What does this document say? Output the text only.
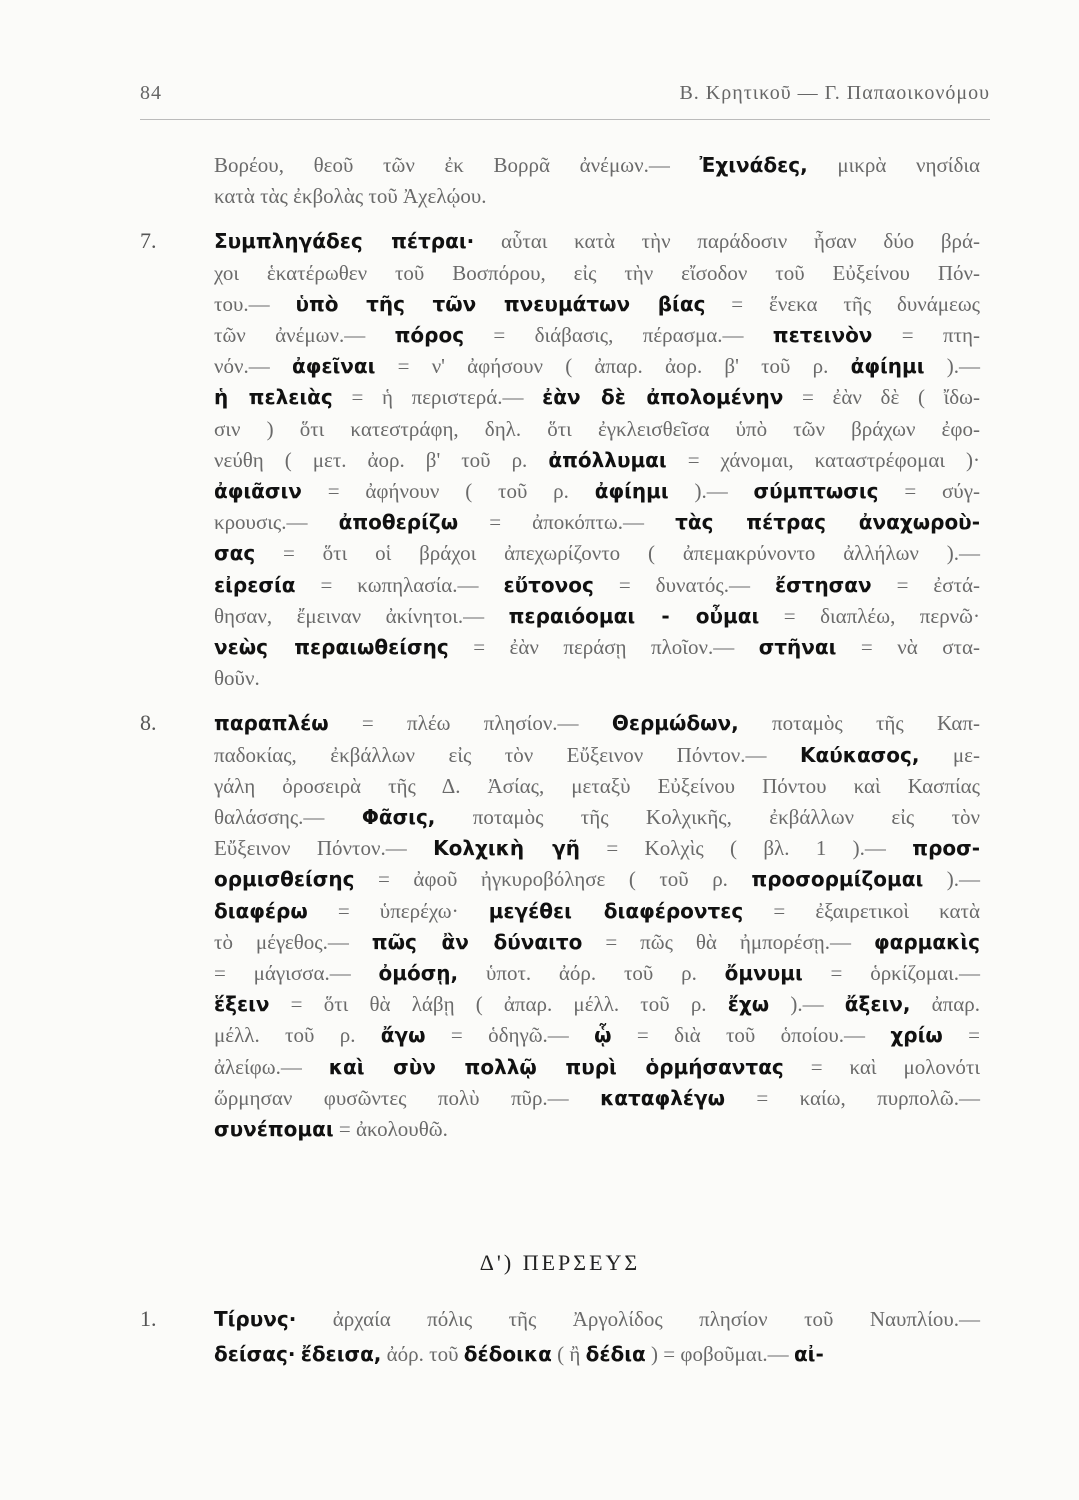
84	Β. Κρητικοῦ — Γ. Παπαοικονόμου
Βορέου, θεοῦ τῶν ἐκ Βορρᾶ ἀνέμων.— Ἐχινάδες, μικρὰ νησίδια
κατὰ τὰς ἐκβολὰς τοῦ Ἀχελῴου.
7.	Συμπληγάδες πέτραι· αὗται κατὰ τὴν παράδοσιν ἦσαν δύο βρά-
χοι ἑκατέρωθεν τοῦ Βοσπόρου, εἰς τὴν εἴσοδον τοῦ Εὐξείνου Πόν-
του.— ὑπὸ τῆς τῶν πνευμάτων βίας = ἕνεκα τῆς δυνάμεως
τῶν ἀνέμων.— πόρος = διάβασις, πέρασμα.— πετεινὸν = πτη-
νόν.— ἀφεῖναι = ν' ἀφήσουν ( ἀπαρ. ἀορ. β' τοῦ ρ. ἀφίημι ).—
ἡ πελειὰς = ἡ περιστερά.— ἐὰν δὲ ἀπολομένην = ἐὰν δὲ ( ἴδω-
σιν ) ὅτι κατεστράφη, δηλ. ὅτι ἐγκλεισθεῖσα ὑπὸ τῶν βράχων ἐφο-
νεύθη ( μετ. ἀορ. β' τοῦ ρ. ἀπόλλυμαι = χάνομαι, καταστρέφομαι )·
ἀφιᾶσιν = ἀφήνουν ( τοῦ ρ. ἀφίημι ).— σύμπτωσις = σύγ-
κρουσις.— ἀποθερίζω = ἀποκόπτω.— τὰς πέτρας ἀναχωροὺ-
σας = ὅτι οἱ βράχοι ἀπεχωρίζοντο ( ἀπεμακρύνοντο ἀλλήλων ).—
εἰρεσία = κωπηλασία.— εὔτονος = δυνατός.— ἔστησαν = ἐστά-
θησαν, ἔμειναν ἀκίνητοι.— περαιόομαι - οὖμαι = διαπλέω, περνῶ·
νεὼς περαιωθείσης = ἐὰν περάσῃ πλοῖον.— στῆναι = νὰ στα-
θοῦν.
8.	παραπλέω = πλέω πλησίον.— Θερμώδων, ποταμὸς τῆς Καπ-
παδοκίας, ἐκβάλλων εἰς τὸν Εὔξεινον Πόντον.— Καύκασος, με-
γάλη ὀροσειρὰ τῆς Δ. Ἀσίας, μεταξὺ Εὐξείνου Πόντου καὶ Κασπίας
θαλάσσης.— Φᾶσις, ποταμὸς τῆς Κολχικῆς, ἐκβάλλων εἰς τὸν
Εὔξεινον Πόντον.— Κολχικὴ γῆ = Κολχὶς ( βλ. 1 ).— προσ-
ορμισθείσης = ἀφοῦ ἠγκυροβόλησε ( τοῦ ρ. προσορμίζομαι ).—
διαφέρω = ὑπερέχω· μεγέθει διαφέροντες = ἐξαιρετικοὶ κατὰ
τὸ μέγεθος.— πῶς ἂν δύναιτο = πῶς θὰ ἠμπορέσῃ.— φαρμακὶς
= μάγισσα.— ὀμόσῃ, ὑποτ. ἀόρ. τοῦ ρ. ὄμνυμι = ὁρκίζομαι.—
ἕξειν = ὅτι θὰ λάβῃ ( ἀπαρ. μέλλ. τοῦ ρ. ἔχω ).— ἄξειν, ἀπαρ.
μέλλ. τοῦ ρ. ἄγω = ὁδηγῶ.— ᾧ = διὰ τοῦ ὁποίου.— χρίω =
ἀλείφω.— καὶ σὺν πολλῷ πυρὶ ὁρμήσαντας = καὶ μολονότι
ὥρμησαν φυσῶντες πολὺ πῦρ.— καταφλέγω = καίω, πυρπολῶ.—
συνέπομαι = ἀκολουθῶ.
Δ') ΠΕΡΣΕΥΣ
1.	Τίρυνς· ἀρχαία πόλις τῆς Ἀργολίδος πλησίον τοῦ Ναυπλίου.—
δείσας· ἔδεισα, ἀόρ. τοῦ δέδοικα ( ἢ δέδια ) = φοβοῦμαι.— αἰ-
